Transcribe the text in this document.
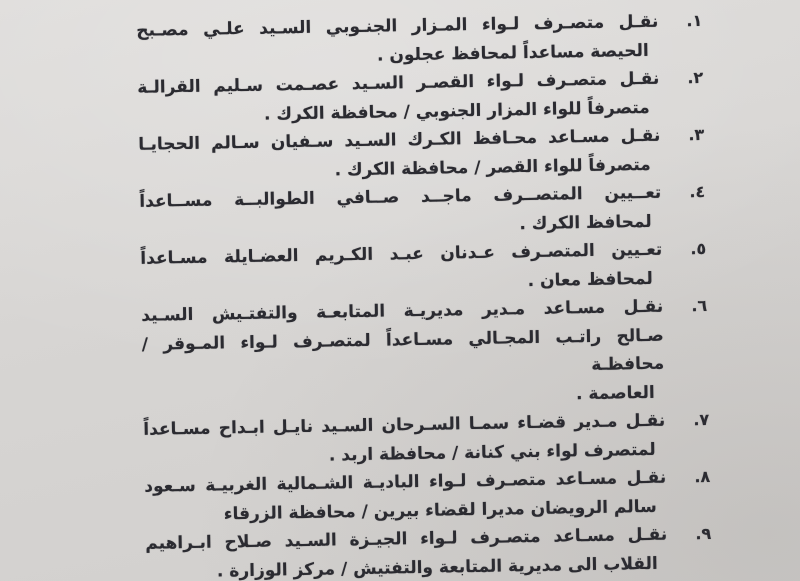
١.
نقـل متصـرف لـواء المـزار الجنـوبي السـيد علـي مصـبح
الحيصة مساعداً لمحافظ عجلون .
٢.
نقـل متصـرف لـواء القصـر السـيد عصـمت سـليم القرالـة
متصرفاً للواء المزار الجنوبي / محافظة الكرك .
٣.
نقـل مسـاعد محـافظ الكـرك السـيد سـفيان سـالم الحجايـا
متصرفاً للواء القصر / محافظة الكرك .
٤.
تعــيين المتصــرف ماجــد صــافي الطوالبــة مســاعداً
لمحافظ الكرك .
٥.
تعـيين المتصـرف عـدنان عبـد الكـريم العضـايلة مسـاعداً
لمحافظ معان .
٦.
نقـل مسـاعد مـدير مديريـة المتابعـة والتفتـيش السـيد
صـالح راتـب المجـالي مسـاعداً لمتصـرف لـواء المـوقر / محافظـة
العاصمة .
٧.
نقـل مـدير قضـاء سمـا السـرحان السـيد نايـل ابـداح مسـاعداً
لمتصرف لواء بني كنانة / محافظة اربد .
٨.
نقـل مسـاعد متصـرف لـواء الباديـة الشـمالية الغربيـة سـعود
سالم الرويضان مديرا لقضاء بيرين / محافظة الزرقاء
٩.
نقـل مسـاعد متصـرف لـواء الجيـزة السـيد صـلاح ابـراهيم
القلاب الى مديرية المتابعة والتفتيش / مركز الوزارة .
